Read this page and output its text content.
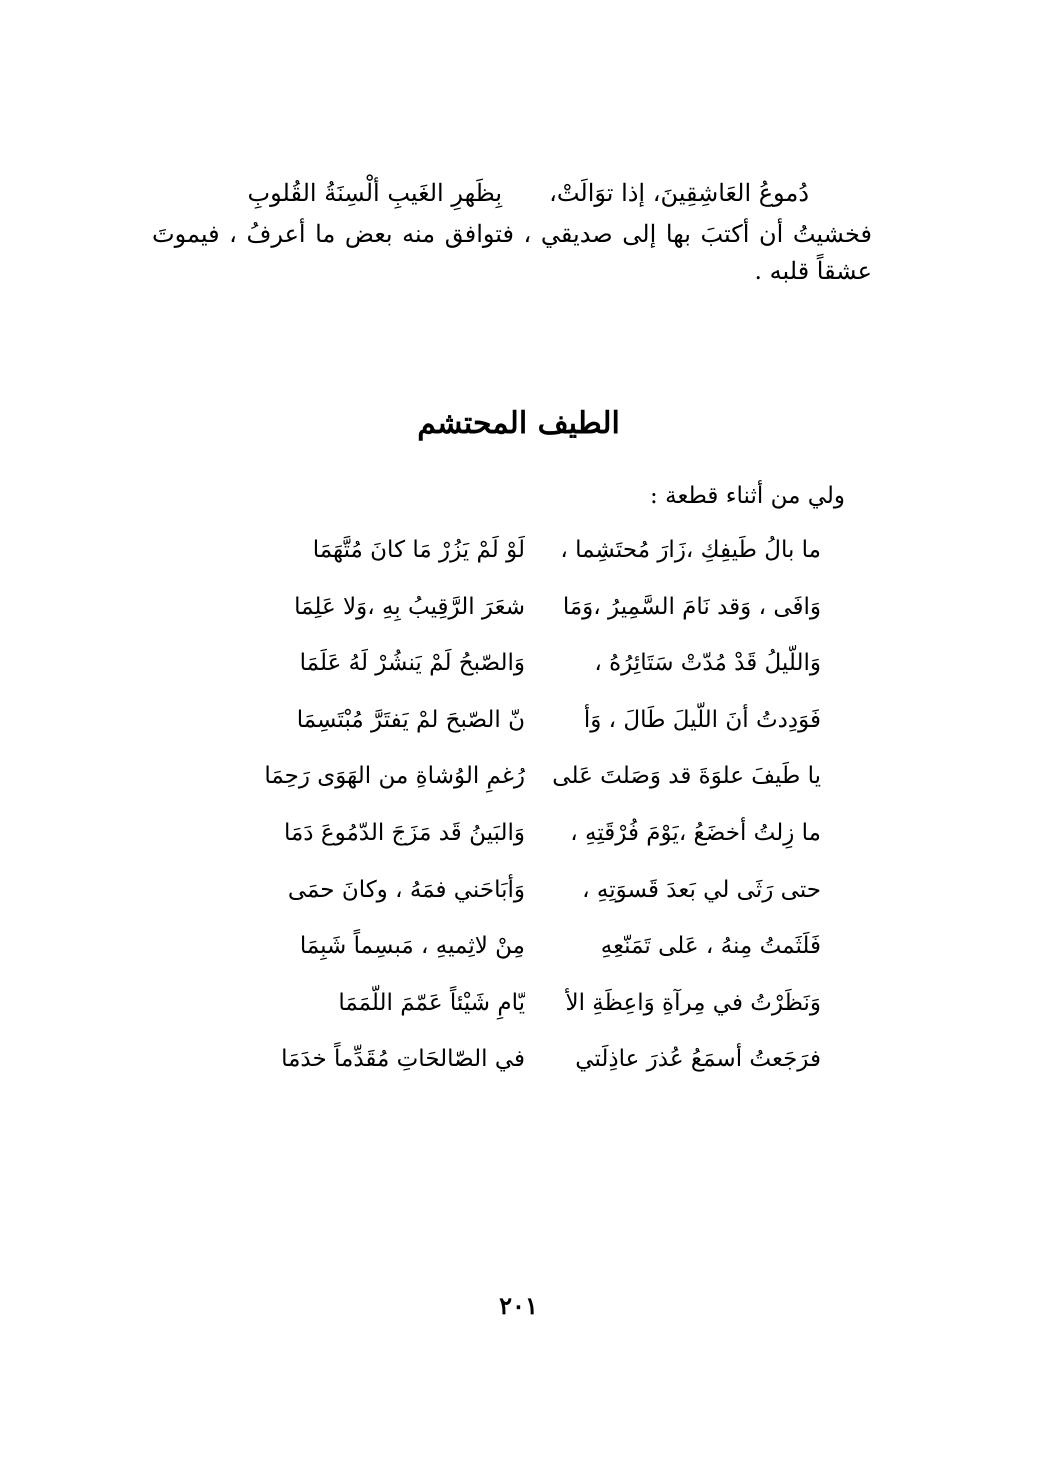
دُموعُ العَاشِقِينَ، إذا توَالَتْ،
بِظَهرِ الغَيبِ ألْسِنَةُ القُلوبِ
فخشيتُ أن أكتبَ بها إلى صديقي ، فتوافق منه بعض ما أعرفُ ، فيموتَ عشقاً قلبه .
الطيف المحتشم
ولي من أثناء قطعة :
ما بالُ طَيفِكِ ،زَارَ مُحتَشِما ،
لَوْ لَمْ يَزُرْ مَا كانَ مُتَّهَمَا
وَافَى ، وَقد نَامَ السَّمِيرُ ،وَمَا
شعَرَ الرَّقِيبُ بِهِ ،وَلا عَلِمَا
وَاللّيلُ قَدْ مُدّتْ سَتَائِرُهُ ،
وَالصّبحُ لَمْ يَنشُرْ لَهُ عَلَمَا
فَوَدِدتُ أنَ اللّيلَ طَالَ ، وَأ
نّ الصّبحَ لمْ يَفتَرَّ مُبْتَسِمَا
يا طَيفَ علوَةَ قد وَصَلتَ عَلى
رُغمِ الوُشاةِ من الهَوَى رَحِمَا
ما زِلتُ أخضَعُ ،يَوْمَ فُرْقَتِهِ ،
وَالبَينُ قَد مَزَجَ الدّمُوعَ دَمَا
حتى رَثَى لي بَعدَ قَسوَتِهِ ،
وَأبَاحَني فمَهُ ، وكانَ حمَى
فَلَثَمتُ مِنهُ ، عَلى تَمَنّعِهِ
مِنْ لاثِميهِ ، مَبسِماً شَبِمَا
وَنَظَرْتُ في مِرآةِ وَاعِظَةِ الأ
يّامِ شَيْئاً عَمّمَ اللّمَمَا
فرَجَعتُ أسمَعُ عُذرَ عاذِلَتي
في الصّالحَاتِ مُقَدِّماً خدَمَا
٢٠١
